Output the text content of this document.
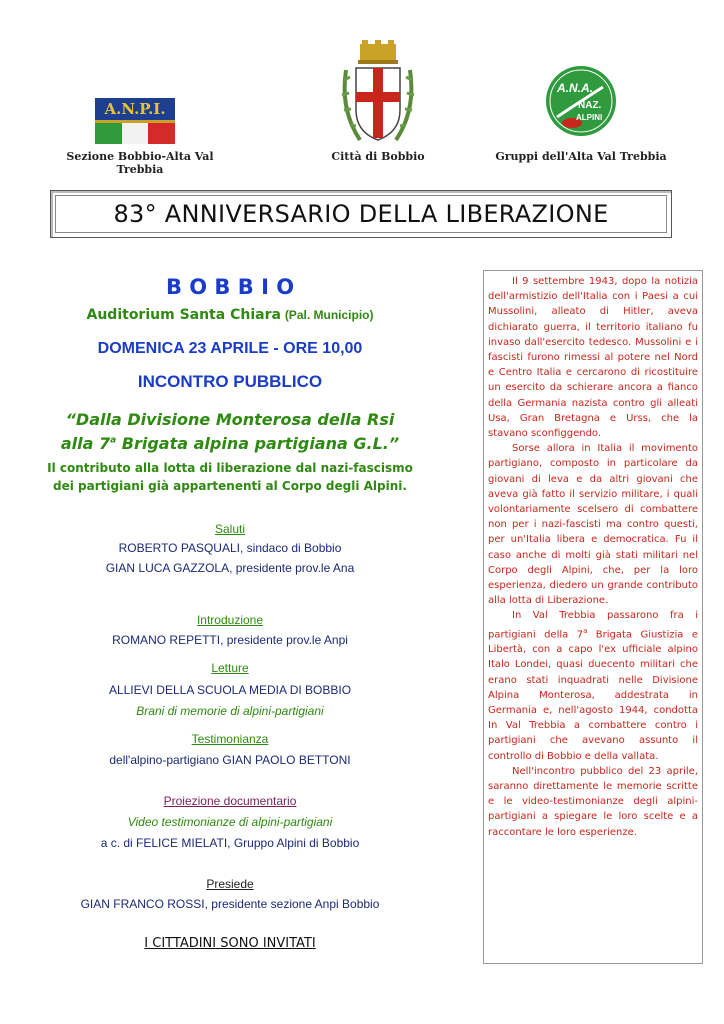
A.N.P.I.
Sezione Bobbio-Alta Val Trebbia
Città di Bobbio
A.N.A.
NAZ.
ALPINI
Gruppi dell'Alta Val Trebbia
83° ANNIVERSARIO DELLA LIBERAZIONE
B O B B I O
Auditorium Santa Chiara (Pal. Municipio)
DOMENICA 23 APRILE - ORE 10,00
INCONTRO PUBBLICO
“Dalla Divisione Monterosa della Rsi
alla 7$^a$ Brigata alpina partigiana G.L.”
Il contributo alla lotta di liberazione dal nazi-fascismo
dei partigiani già appartenenti al Corpo degli Alpini.
Saluti
ROBERTO PASQUALI, sindaco di Bobbio
GIAN LUCA GAZZOLA, presidente prov.le Ana
Introduzione
ROMANO REPETTI, presidente prov.le Anpi
Letture
ALLIEVI DELLA SCUOLA MEDIA DI BOBBIO
Brani di memorie di alpini-partigiani
Testimonianza
dell'alpino-partigiano GIAN PAOLO BETTONI
Proiezione documentario
Video testimonianze di alpini-partigiani
a c. di FELICE MIELATI, Gruppo Alpini di Bobbio
Presiede
GIAN FRANCO ROSSI, presidente sezione Anpi Bobbio
I CITTADINI SONO INVITATI

Il 9 settembre 1943, dopo la notizia dell'armistizio dell'Italia con i Paesi a cui Mussolini, alleato di Hitler, aveva dichiarato guerra, il territorio italiano fu invaso dall'esercito tedesco. Mussolini e i fascisti furono rimessi al potere nel Nord e Centro Italia e cercarono di ricostituire un esercito da schierare ancora a fianco della Germania nazista contro gli alleati Usa, Gran Bretagna e Urss, che la stavano sconfiggendo.

Sorse allora in Italia il movimento partigiano, composto in particolare da giovani di leva e da altri giovani che aveva già fatto il servizio militare, i quali volontariamente scelsero di combattere non per i nazi-fascisti ma contro questi, per un'Italia libera e democratica. Fu il caso anche di molti già stati militari nel Corpo degli Alpini, che, per la loro esperienza, diedero un grande contributo alla lotta di Liberazione.

In Val Trebbia passarono fra i partigiani della 7$^a$ Brigata Giustizia e Libertà, con a capo l'ex ufficiale alpino Italo Londei, quasi duecento militari che erano stati inquadrati nelle Divisione Alpina Monterosa, addestrata in Germania e, nell'agosto 1944, condotta In Val Trebbia a combattere contro i partigiani che avevano assunto il controllo di Bobbio e della vallata.

Nell'incontro pubblico del 23 aprile, saranno direttamente le memorie scritte e le video-testimonianze degli alpini-partigiani a spiegare le loro scelte e a raccontare le loro esperienze.
